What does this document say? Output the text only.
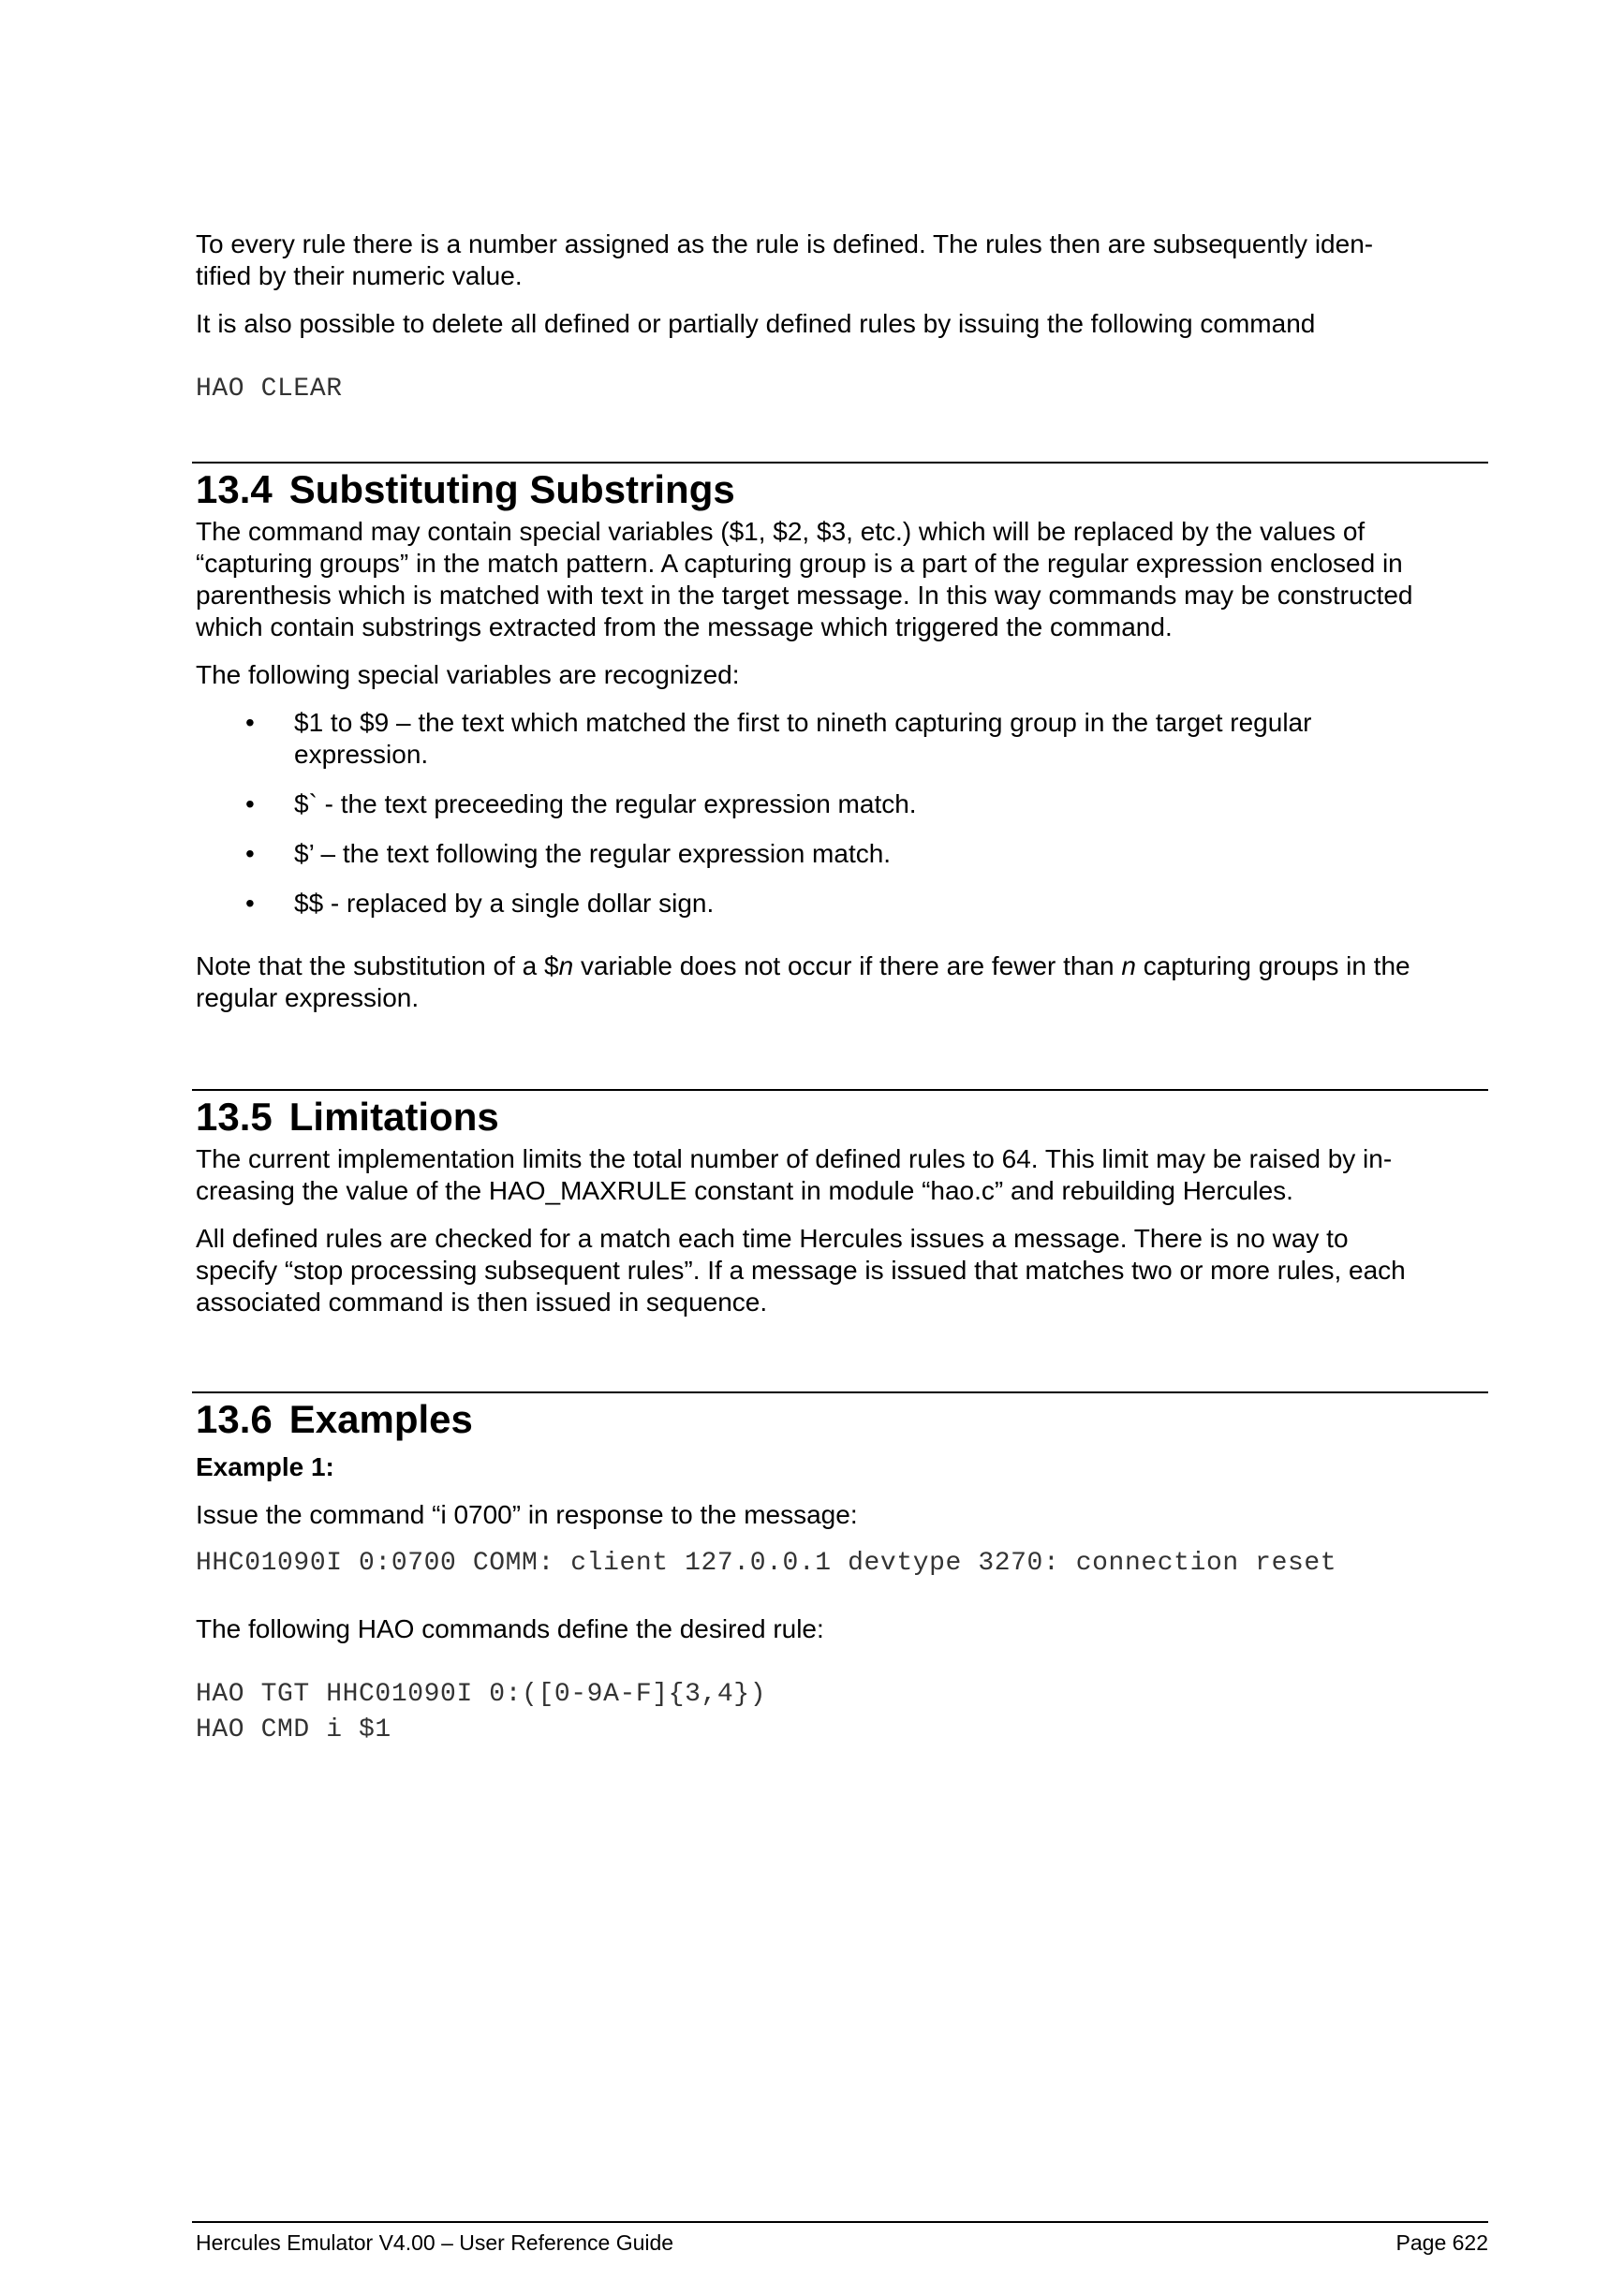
To every rule there is a number assigned as the rule is defined. The rules then are subsequently iden-
tified by their numeric value.

It is also possible to delete all defined or partially defined rules by issuing the following command

HAO CLEAR
13.4 Substituting Substrings

The command may contain special variables ($1, $2, $3, etc.) which will be replaced by the values of
“capturing groups” in the match pattern. A capturing group is a part of the regular expression enclosed in
parenthesis which is matched with text in the target message. In this way commands may be constructed
which contain substrings extracted from the message which triggered the command.

The following special variables are recognized:

• $1 to $9 – the text which matched the first to nineth capturing group in the target regular
expression.
• $` - the text preceeding the regular expression match.
• $’ – the text following the regular expression match.
• $$ - replaced by a single dollar sign.

Note that the substitution of a $n variable does not occur if there are fewer than n capturing groups in the
regular expression.

13.5 Limitations

The current implementation limits the total number of defined rules to 64. This limit may be raised by in-
creasing the value of the HAO_MAXRULE constant in module “hao.c” and rebuilding Hercules.

All defined rules are checked for a match each time Hercules issues a message. There is no way to
specify “stop processing subsequent rules”. If a message is issued that matches two or more rules, each
associated command is then issued in sequence.

13.6 Examples

Example 1:

Issue the command “i 0700” in response to the message:

HHC01090I 0:0700 COMM: client 127.0.0.1 devtype 3270: connection reset

The following HAO commands define the desired rule:

HAO TGT HHC01090I 0:([0-9A-F]{3,4})
HAO CMD i $1
Hercules Emulator V4.00 – User Reference Guide	Page 622
